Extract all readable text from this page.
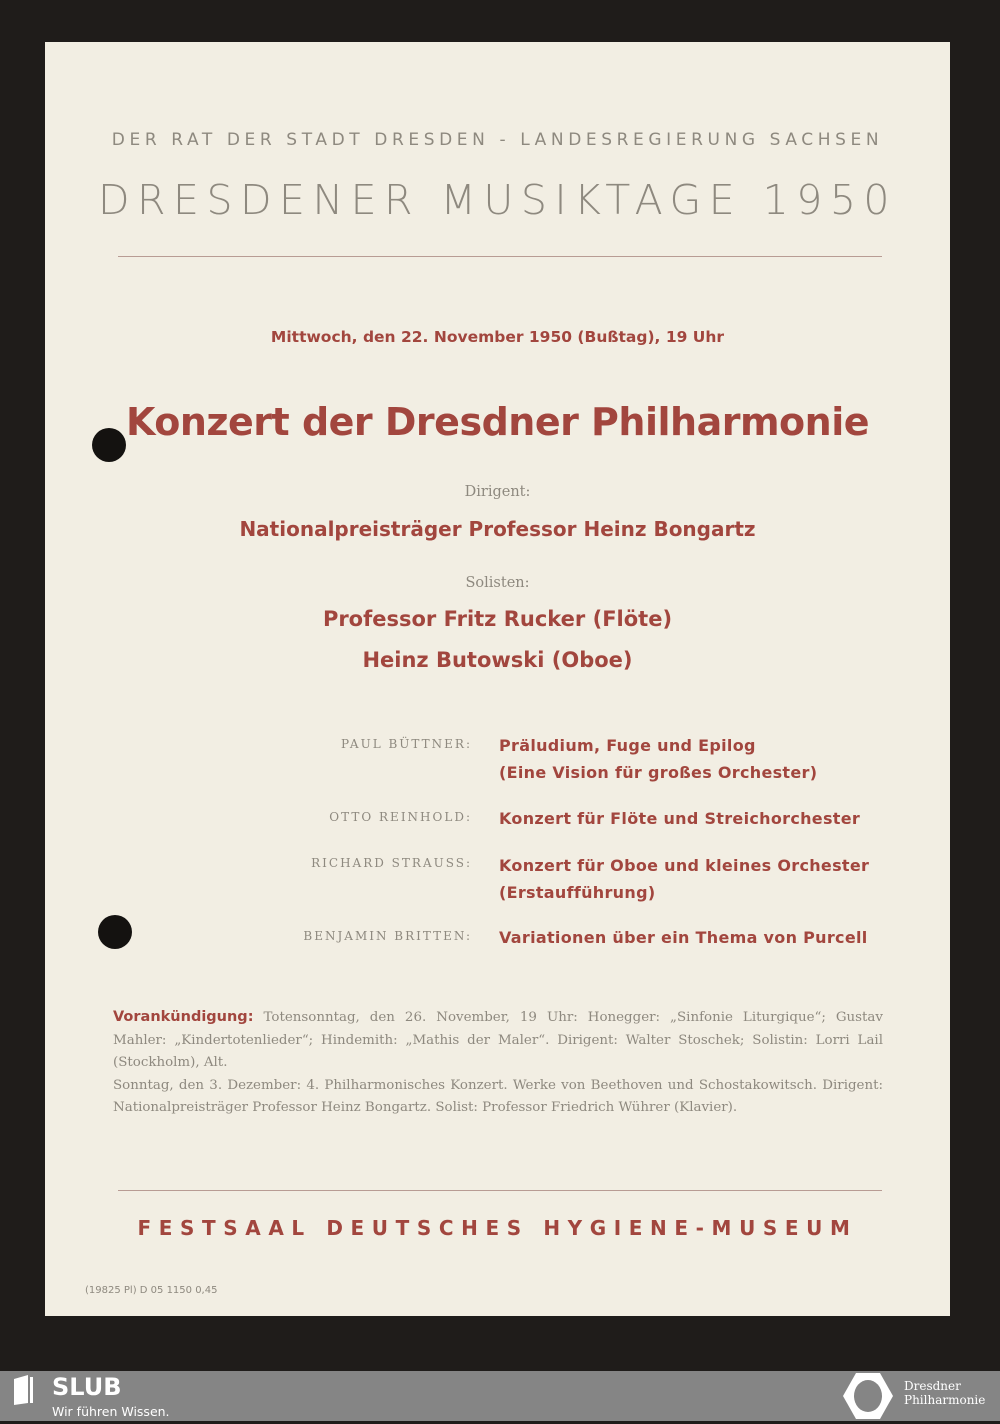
DER RAT DER STADT DRESDEN - LANDESREGIERUNG SACHSEN
DRESDENER MUSIKTAGE 1950
Mittwoch, den 22. November 1950 (Bußtag), 19 Uhr
Konzert der Dresdner Philharmonie
Dirigent:
Nationalpreisträger Professor Heinz Bongartz
Solisten:
Professor Fritz Rucker (Flöte)
Heinz Butowski (Oboe)
PAUL BÜTTNER: Präludium, Fuge und Epilog
(Eine Vision für großes Orchester)
OTTO REINHOLD: Konzert für Flöte und Streichorchester
RICHARD STRAUSS: Konzert für Oboe und kleines Orchester
(Erstaufführung)
BENJAMIN BRITTEN: Variationen über ein Thema von Purcell
Vorankündigung: Totensonntag, den 26. November, 19 Uhr: Honegger: „Sinfonie Liturgique“; Gustav Mahler: „Kindertotenlieder“; Hindemith: „Mathis der Maler“. Dirigent: Walter Stoschek; Solistin: Lorri Lail (Stockholm), Alt.
Sonntag, den 3. Dezember: 4. Philharmonisches Konzert. Werke von Beethoven und Schostakowitsch. Dirigent: Nationalpreisträger Professor Heinz Bongartz. Solist: Professor Friedrich Wührer (Klavier).
FESTSAAL DEUTSCHES HYGIENE-MUSEUM
(19825 Pl) D 05 1150 0,45
SLUB
Wir führen Wissen.
Dresdner
Philharmonie
